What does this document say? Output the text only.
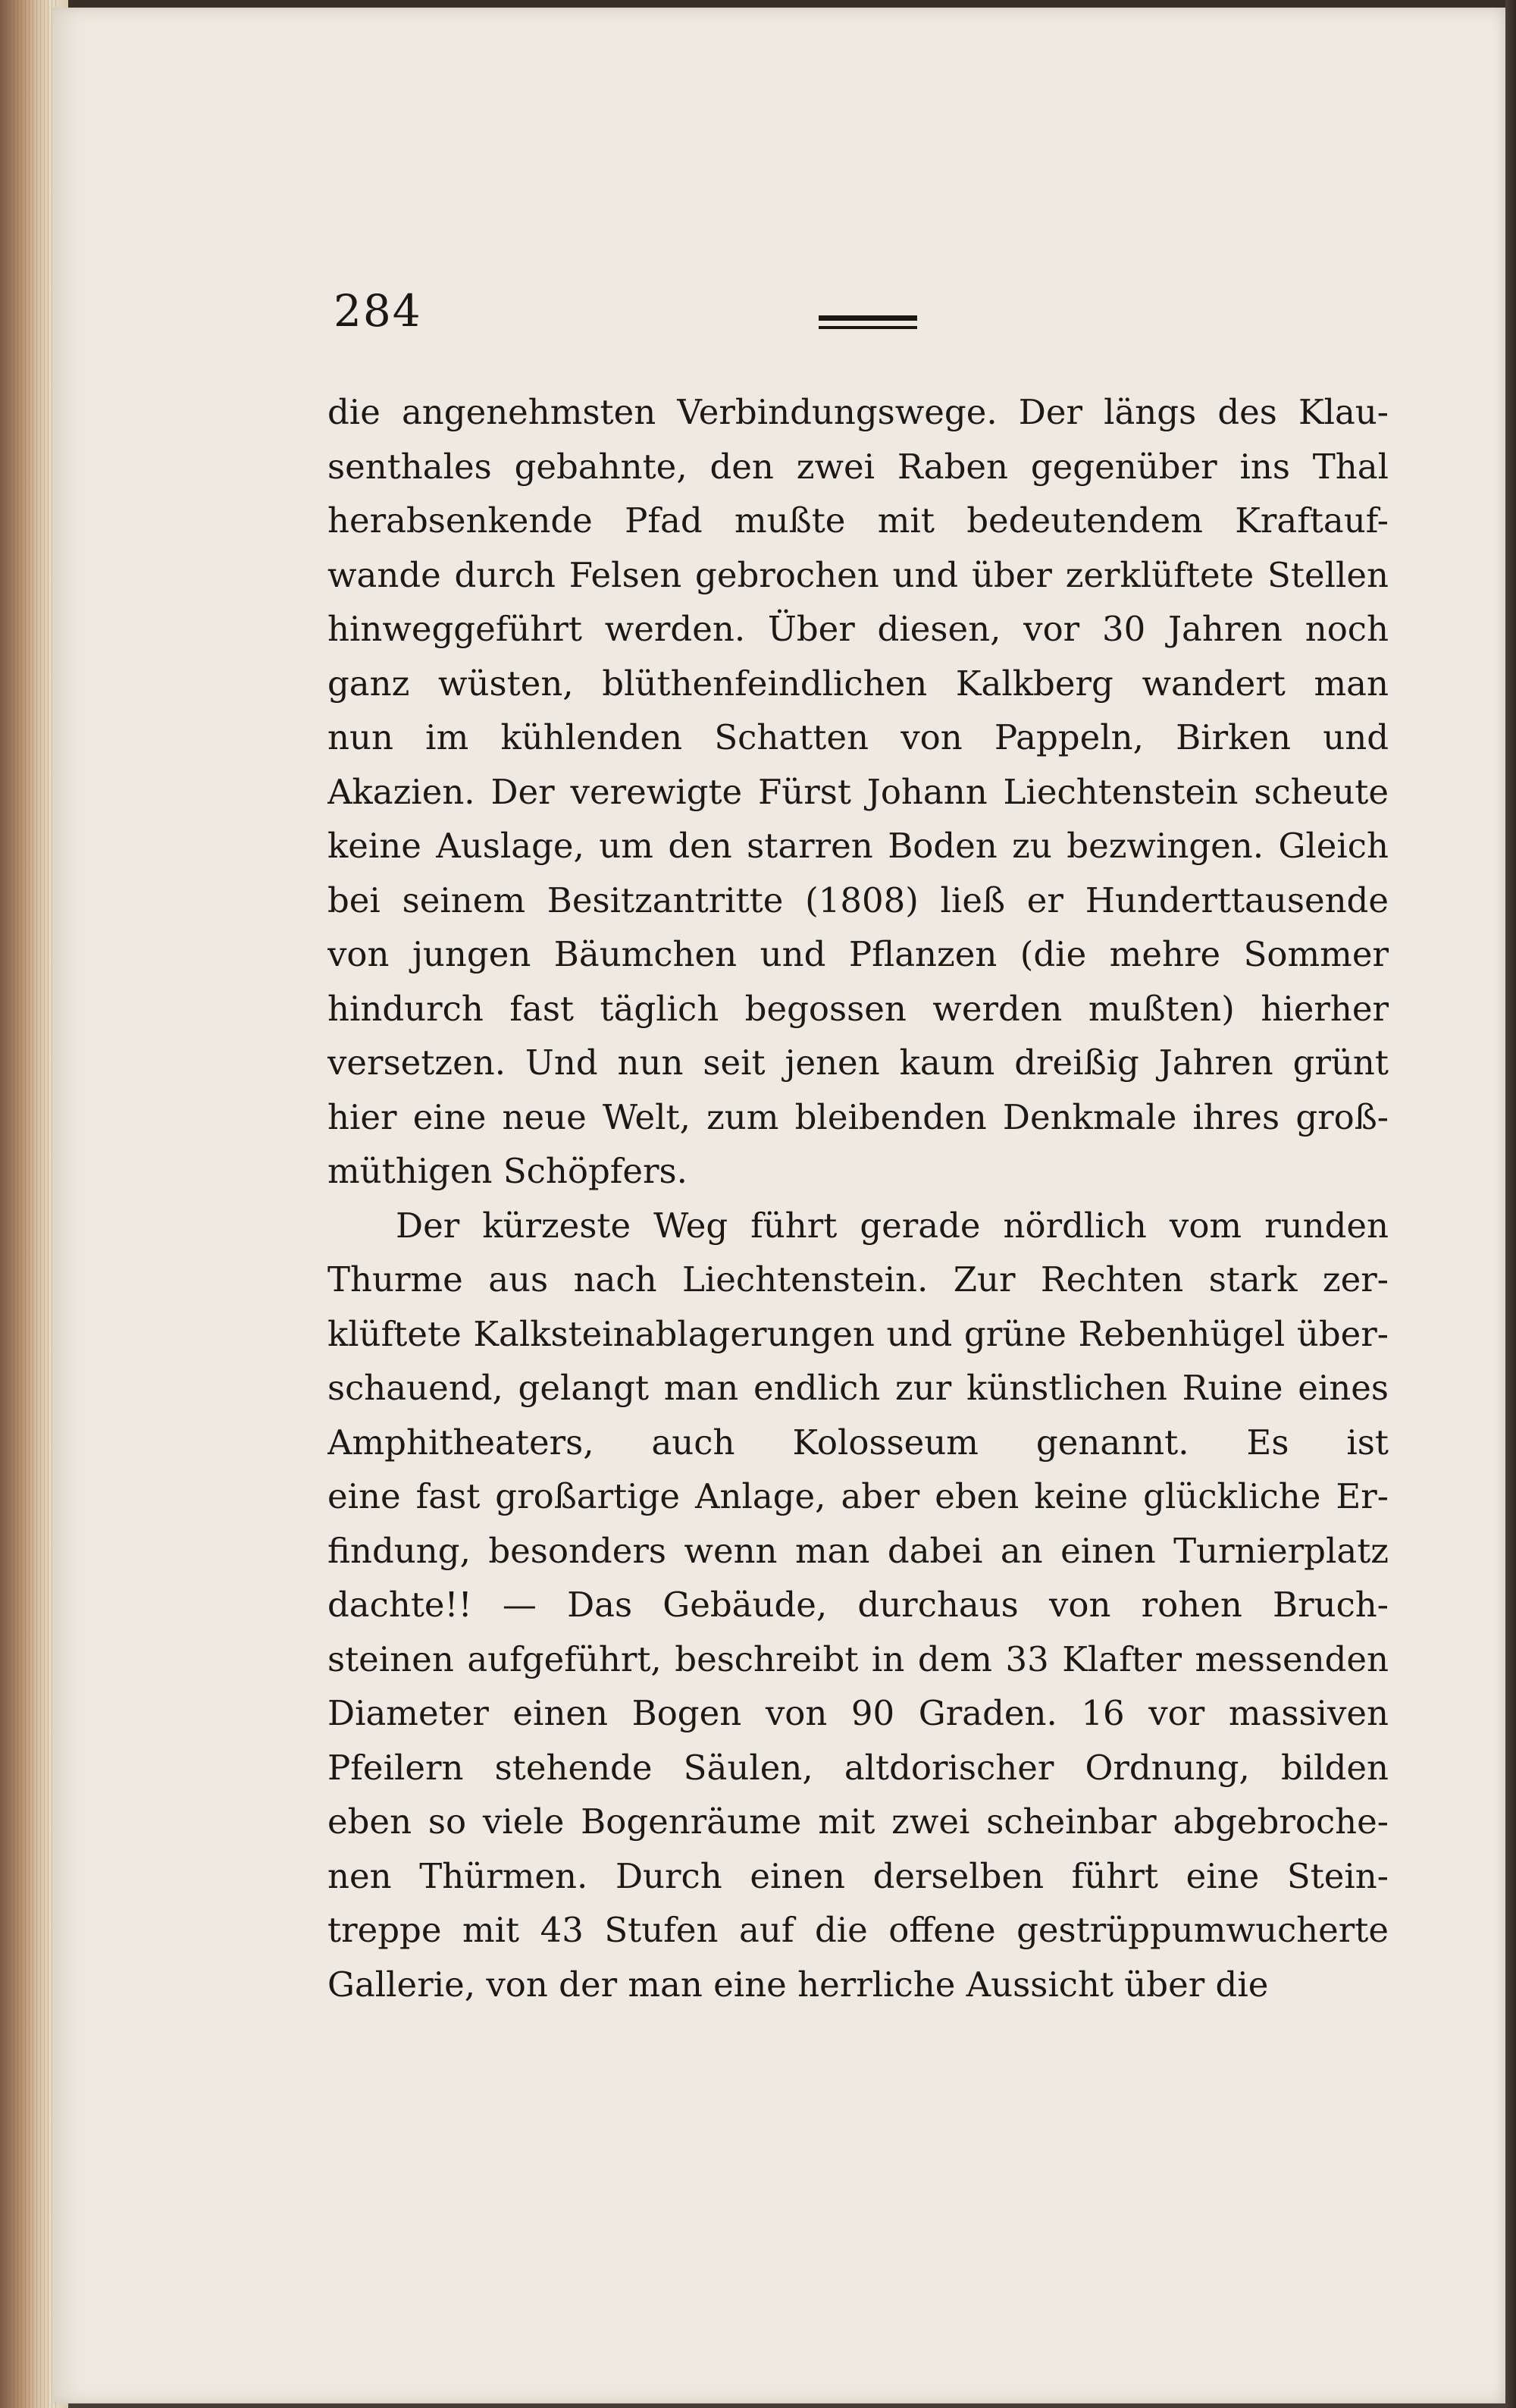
284
die angenehmsten Verbindungswege. Der längs des Klau-
senthales gebahnte, den zwei Raben gegenüber ins Thal
herabsenkende Pfad mußte mit bedeutendem Kraftauf-
wande durch Felsen gebrochen und über zerklüftete Stellen
hinweggeführt werden. Über diesen, vor 30 Jahren noch
ganz wüsten, blüthenfeindlichen Kalkberg wandert man
nun im kühlenden Schatten von Pappeln, Birken und
Akazien. Der verewigte Fürst Johann Liechtenstein scheute
keine Auslage, um den starren Boden zu bezwingen. Gleich
bei seinem Besitzantritte (1808) ließ er Hunderttausende
von jungen Bäumchen und Pflanzen (die mehre Sommer
hindurch fast täglich begossen werden mußten) hierher
versetzen. Und nun seit jenen kaum dreißig Jahren grünt
hier eine neue Welt, zum bleibenden Denkmale ihres groß-
müthigen Schöpfers.
Der kürzeste Weg führt gerade nördlich vom runden
Thurme aus nach Liechtenstein. Zur Rechten stark zer-
klüftete Kalksteinablagerungen und grüne Rebenhügel über-
schauend, gelangt man endlich zur künstlichen Ruine eines
Amphitheaters, auch Kolosseum genannt. Es ist
eine fast großartige Anlage, aber eben keine glückliche Er-
findung, besonders wenn man dabei an einen Turnierplatz
dachte!! — Das Gebäude, durchaus von rohen Bruch-
steinen aufgeführt, beschreibt in dem 33 Klafter messenden
Diameter einen Bogen von 90 Graden. 16 vor massiven
Pfeilern stehende Säulen, altdorischer Ordnung, bilden
eben so viele Bogenräume mit zwei scheinbar abgebroche-
nen Thürmen. Durch einen derselben führt eine Stein-
treppe mit 43 Stufen auf die offene gestrüppumwucherte
Gallerie, von der man eine herrliche Aussicht über die
